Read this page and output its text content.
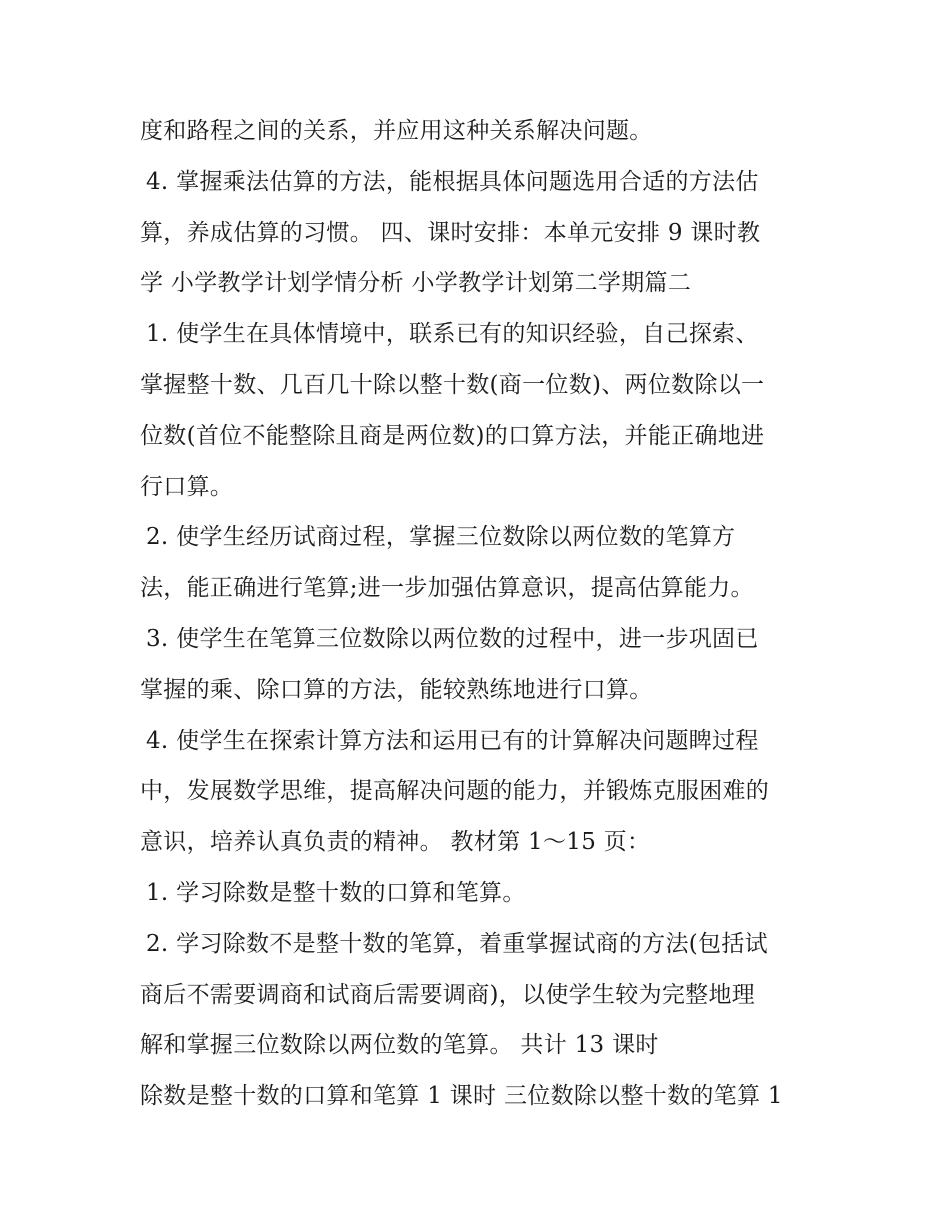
度和路程之间的关系，并应用这种关系解决问题。
4. 掌握乘法估算的方法，能根据具体问题选用合适的方法估
算，养成估算的习惯。 四、课时安排：本单元安排 9 课时教
学 小学教学计划学情分析 小学教学计划第二学期篇二
1. 使学生在具体情境中，联系已有的知识经验，自己探索、
掌握整十数、几百几十除以整十数(商一位数)、两位数除以一
位数(首位不能整除且商是两位数)的口算方法，并能正确地进
行口算。
2. 使学生经历试商过程，掌握三位数除以两位数的笔算方
法，能正确进行笔算;进一步加强估算意识，提高估算能力。
3. 使学生在笔算三位数除以两位数的过程中，进一步巩固已
掌握的乘、除口算的方法，能较熟练地进行口算。
4. 使学生在探索计算方法和运用已有的计算解决问题睥过程
中，发展数学思维，提高解决问题的能力，并锻炼克服困难的
意识，培养认真负责的精神。 教材第 1～15 页：
1. 学习除数是整十数的口算和笔算。
2. 学习除数不是整十数的笔算，着重掌握试商的方法(包括试
商后不需要调商和试商后需要调商)，以使学生较为完整地理
解和掌握三位数除以两位数的笔算。 共计 13 课时
除数是整十数的口算和笔算 1 课时 三位数除以整十数的笔算 1
